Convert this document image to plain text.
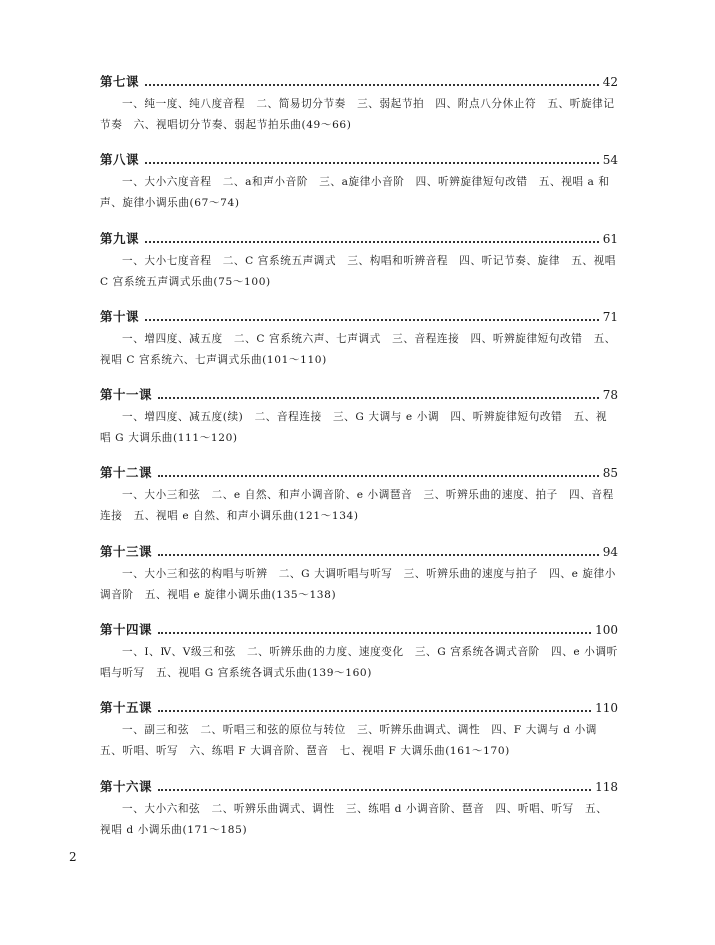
第七课	42
一、纯一度、纯八度音程　二、简易切分节奏　三、弱起节拍　四、附点八分休止符　五、听旋律记节奏　六、视唱切分节奏、弱起节拍乐曲(49～66)
第八课	54
一、大小六度音程　二、a和声小音阶　三、a旋律小音阶　四、听辨旋律短句改错　五、视唱 a 和声、旋律小调乐曲(67～74)
第九课	61
一、大小七度音程　二、C 宫系统五声调式　三、构唱和听辨音程　四、听记节奏、旋律　五、视唱 C 宫系统五声调式乐曲(75～100)
第十课	71
一、增四度、减五度　二、C 宫系统六声、七声调式　三、音程连接　四、听辨旋律短句改错　五、视唱 C 宫系统六、七声调式乐曲(101～110)
第十一课	78
一、增四度、减五度(续)　二、音程连接　三、G 大调与 e 小调　四、听辨旋律短句改错　五、视唱 G 大调乐曲(111～120)
第十二课	85
一、大小三和弦　二、e 自然、和声小调音阶、e 小调琶音　三、听辨乐曲的速度、拍子　四、音程连接　五、视唱 e 自然、和声小调乐曲(121～134)
第十三课	94
一、大小三和弦的构唱与听辨　二、G 大调听唱与听写　三、听辨乐曲的速度与拍子　四、e 旋律小调音阶　五、视唱 e 旋律小调乐曲(135～138)
第十四课	100
一、Ⅰ、Ⅳ、Ⅴ级三和弦　二、听辨乐曲的力度、速度变化　三、G 宫系统各调式音阶　四、e 小调听唱与听写　五、视唱 G 宫系统各调式乐曲(139～160)
第十五课	110
一、副三和弦　二、听唱三和弦的原位与转位　三、听辨乐曲调式、调性　四、F 大调与 d 小调　五、听唱、听写　六、练唱 F 大调音阶、琶音　七、视唱 F 大调乐曲(161～170)
第十六课	118
一、大小六和弦　二、听辨乐曲调式、调性　三、练唱 d 小调音阶、琶音　四、听唱、听写　五、视唱 d 小调乐曲(171～185)
2
